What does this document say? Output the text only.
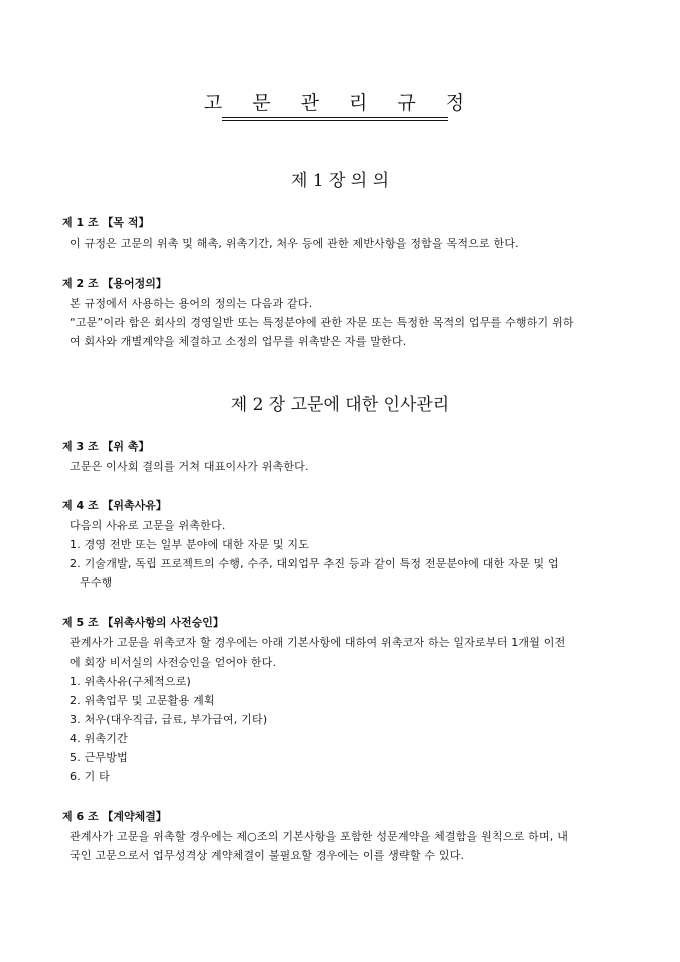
고 문 관 리 규 정
제 1 장 의 의
제 1 조 【목 적】
이 규정은 고문의 위촉 및 해촉, 위촉기간, 처우 등에 관한 제반사항을 정함을 목적으로 한다.
제 2 조 【용어정의】
본 규정에서 사용하는 용어의 정의는 다음과 같다.
“고문”이라 함은 회사의 경영일반 또는 특정분야에 관한 자문 또는 특정한 목적의 업무를 수행하기 위하
여 회사와 개별계약을 체결하고 소정의 업무를 위촉받은 자를 말한다.
제 2 장 고문에 대한 인사관리
제 3 조 【위 촉】
고문은 이사회 결의를 거쳐 대표이사가 위촉한다.
제 4 조 【위촉사유】
다음의 사유로 고문을 위촉한다.
1. 경영 전반 또는 일부 분야에 대한 자문 및 지도
2. 기술개발, 독립 프로젝트의 수행, 수주, 대외업무 추진 등과 같이 특정 전문분야에 대한 자문 및 업
무수행
제 5 조 【위촉사항의 사전승인】
관계사가 고문을 위촉코자 할 경우에는 아래 기본사항에 대하여 위촉코자 하는 일자로부터 1개월 이전
에 회장 비서실의 사전승인을 얻어야 한다.
1. 위촉사유(구체적으로)
2. 위촉업무 및 고문활용 계획
3. 처우(대우직급, 급료, 부가급여, 기타)
4. 위촉기간
5. 근무방법
6. 기 타
제 6 조 【계약체결】
관계사가 고문을 위촉할 경우에는 제○조의 기본사항을 포함한 성문계약을 체결함을 원칙으로 하며, 내
국인 고문으로서 업무성격상 계약체결이 불필요할 경우에는 이를 생략할 수 있다.
